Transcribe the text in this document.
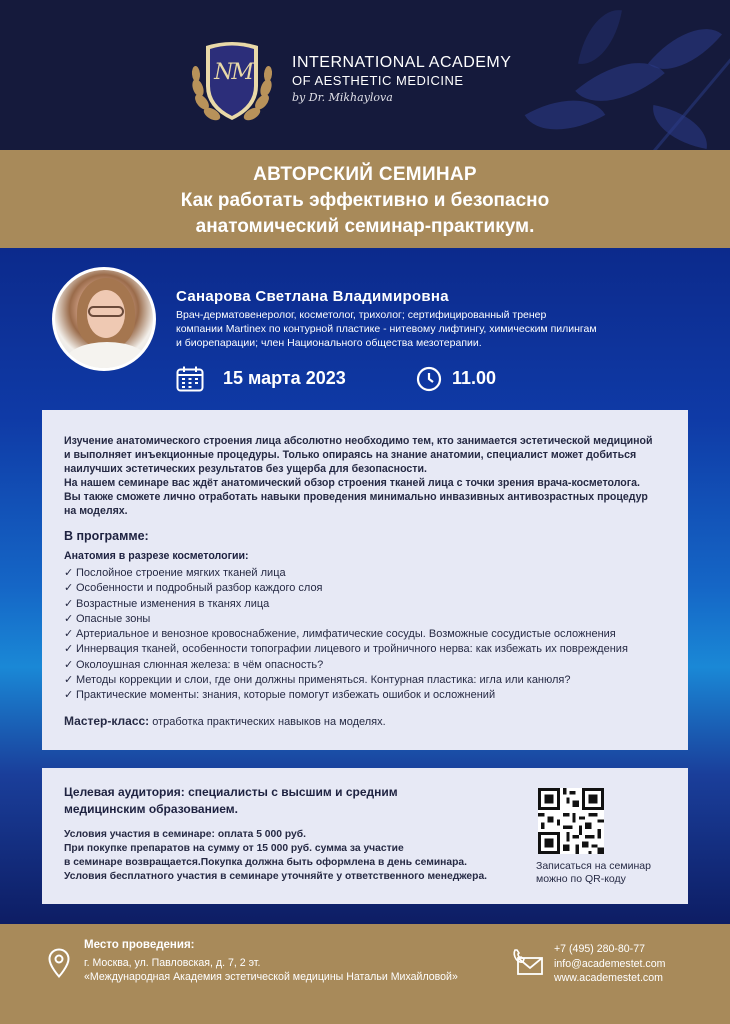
NM	INTERNATIONAL ACADEMY
OF AESTHETIC MEDICINE
by Dr. Mikhaylova
АВТОРСКИЙ СЕМИНАР
Как работать эффективно и безопасно
анатомический семинар-практикум.
Санарова Светлана Владимировна
Врач-дерматовенеролог, косметолог, трихолог; сертифицированный тренер
компании Martinex по контурной пластике - нитевому лифтингу, химическим пилингам
и биорепарации; член Национального общества мезотерапии.
15 марта 2023	11.00

Изучение анатомического строения лица абсолютно необходимо тем, кто занимается эстетической медициной

и выполняет инъекционные процедуры. Только опираясь на знание анатомии, специалист может добиться

наилучших эстетических результатов без ущерба для безопасности.

На нашем семинаре вас ждёт анатомический обзор строения тканей лица с точки зрения врача-косметолога.

Вы также сможете лично отработать навыки проведения минимально инвазивных антивозрастных процедур

на моделях.

В программе:
Анатомия в разрезе косметологии:
✓ Послойное строение мягких тканей лица
✓ Особенности и подробный разбор каждого слоя
✓ Возрастные изменения в тканях лица
✓ Опасные зоны
✓ Артериальное и венозное кровоснабжение, лимфатические сосуды. Возможные сосудистые осложнения
✓ Иннервация тканей, особенности топографии лицевого и тройничного нерва: как избежать их повреждения
✓ Околоушная слюнная железа: в чём опасность?
✓ Методы коррекции и слои, где они должны применяться. Контурная пластика: игла или канюля?
✓ Практические моменты: знания, которые помогут избежать ошибок и осложнений
Мастер-класс: отработка практических навыков на моделях.
Целевая аудитория: специалисты с высшим и средним
медицинским образованием.

Условия участия в семинаре: оплата 5 000 руб.

При покупке препаратов на сумму от 15 000 руб. сумма за участие

в семинаре возвращается.Покупка должна быть оформлена в день семинара.

Условия бесплатного участия в семинаре уточняйте у ответственного менеджера.

Записаться на семинар
можно по QR-коду
Место проведения:
г. Москва, ул. Павловская, д. 7, 2 эт.
«Международная Академия эстетической медицины Натальи Михайловой»
+7 (495) 280-80-77
info@academestet.com
www.academestet.com
